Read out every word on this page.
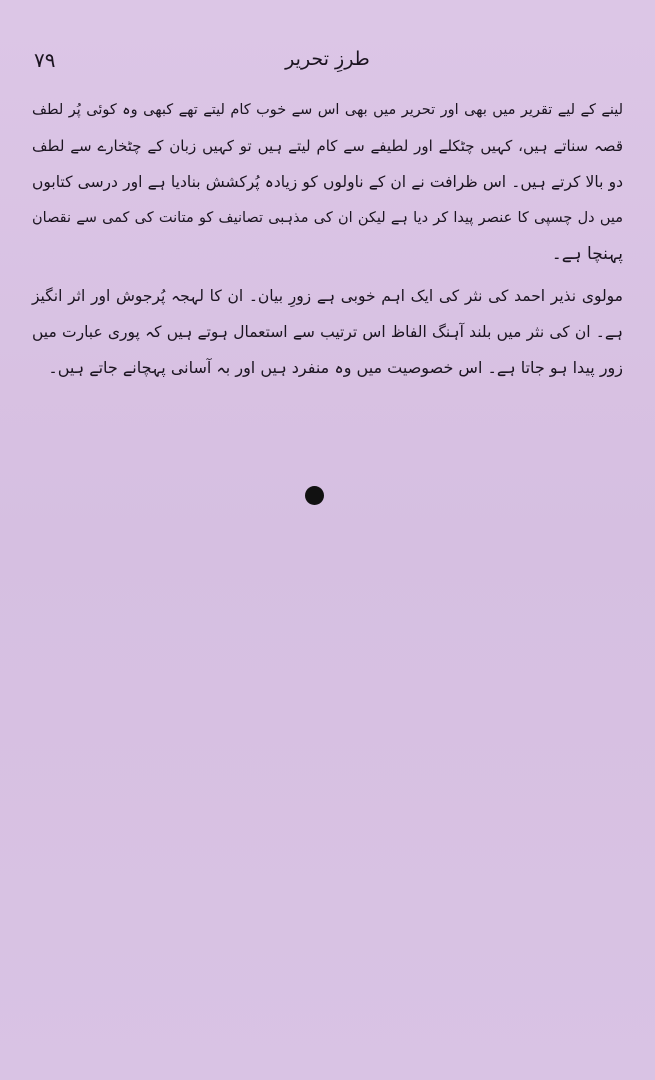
۷۹	طرزِ تحریر
لینے کے لیے تقریر میں بھی اور تحریر میں بھی اس سے خوب کام لیتے تھے کبھی وہ کوئی پُر لطف
قصہ سناتے ہیں، کہیں چٹکلے اور لطیفے سے کام لیتے ہیں تو کہیں زبان کے چٹخارے سے لطف
دو بالا کرتے ہیں۔ اس ظرافت نے ان کے ناولوں کو زیادہ پُرکشش بنادیا ہے اور درسی کتابوں
میں دل چسپی کا عنصر پیدا کر دیا ہے لیکن ان کی مذہبی تصانیف کو متانت کی کمی سے نقصان
پہنچا ہے۔
مولوی نذیر احمد کی نثر کی ایک اہم خوبی ہے زورِ بیان۔ ان کا لہجہ پُرجوش اور اثر انگیز
ہے۔ ان کی نثر میں بلند آہنگ الفاظ اس ترتیب سے استعمال ہوتے ہیں کہ پوری عبارت میں
زور پیدا ہو جاتا ہے۔ اس خصوصیت میں وہ منفرد ہیں اور بہ آسانی پہچانے جاتے ہیں۔
